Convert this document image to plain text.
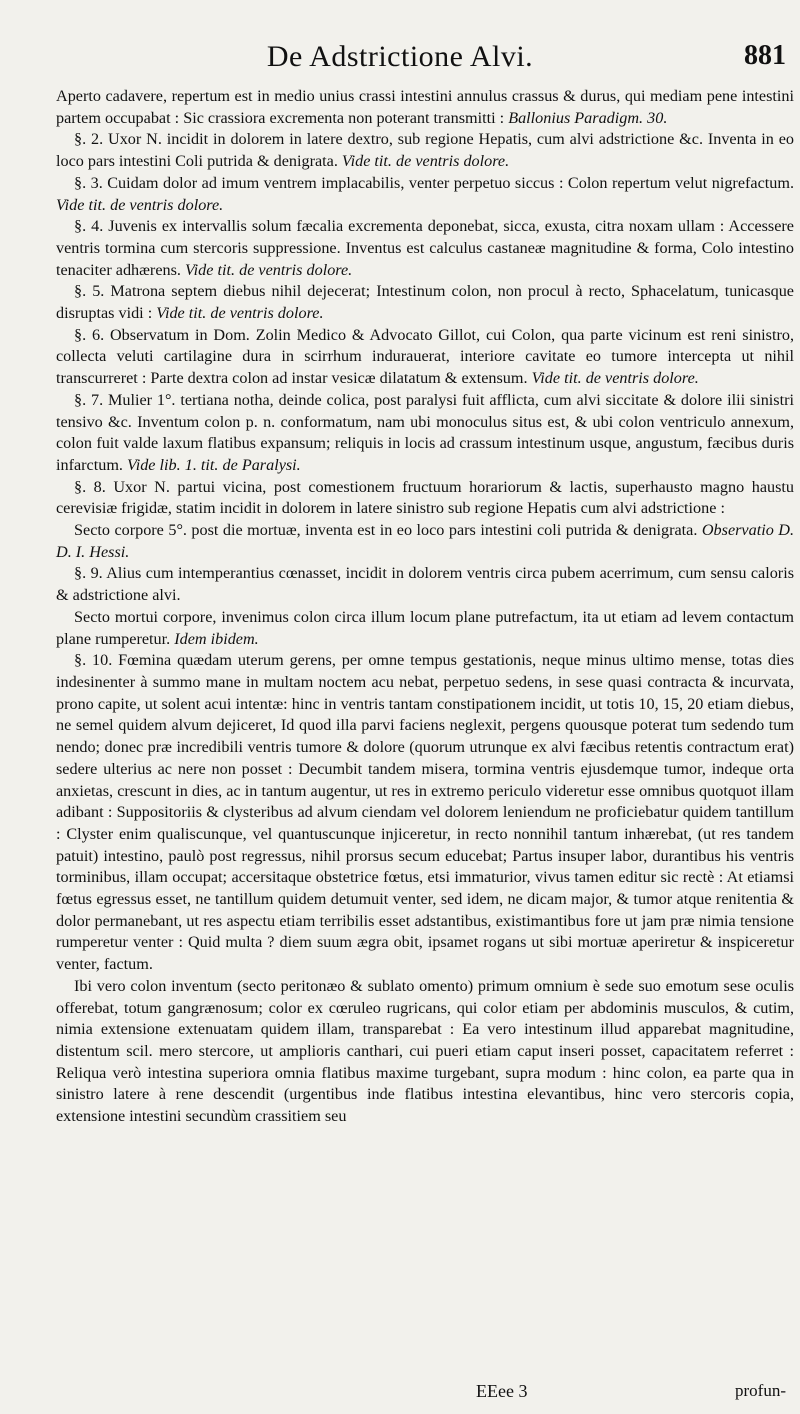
De Adstrictione Alvi.	881

Aperto cadavere, repertum est in medio unius crassi intestini annulus crassus & durus, qui mediam pene intestini partem occupabat : Sic crassiora excrementa non poterant transmitti : Ballonius Paradigm. 30.

§. 2. Uxor N. incidit in dolorem in latere dextro, sub regione Hepatis, cum alvi adstrictione &c. Inventa in eo loco pars intestini Coli putrida & denigrata. Vide tit. de ventris dolore.

§. 3. Cuidam dolor ad imum ventrem implacabilis, venter perpetuo siccus : Colon repertum velut nigrefactum. Vide tit. de ventris dolore.

§. 4. Juvenis ex intervallis solum fæcalia excrementa deponebat, sicca, exusta, citra noxam ullam : Accessere ventris tormina cum stercoris suppressione. Inventus est calculus castaneæ magnitudine & forma, Colo intestino tenaciter adhærens. Vide tit. de ventris dolore.

§. 5. Matrona septem diebus nihil dejecerat; Intestinum colon, non procul à recto, Sphacelatum, tunicasque disruptas vidi : Vide tit. de ventris dolore.

§. 6. Observatum in Dom. Zolin Medico & Advocato Gillot, cui Colon, qua parte vicinum est reni sinistro, collecta veluti cartilagine dura in scirrhum indurauerat, interiore cavitate eo tumore intercepta ut nihil transcurreret : Parte dextra colon ad instar vesicæ dilatatum & extensum. Vide tit. de ventris dolore.

§. 7. Mulier 1°. tertiana notha, deinde colica, post paralysi fuit afflicta, cum alvi siccitate & dolore ilii sinistri tensivo &c. Inventum colon p. n. conformatum, nam ubi monoculus situs est, & ubi colon ventriculo annexum, colon fuit valde laxum flatibus expansum; reliquis in locis ad crassum intestinum usque, angustum, fæcibus duris infarctum. Vide lib. 1. tit. de Paralysi.

§. 8. Uxor N. partui vicina, post comestionem fructuum horariorum & lactis, superhausto magno haustu cerevisiæ frigidæ, statim incidit in dolorem in latere sinistro sub regione Hepatis cum alvi adstrictione :

Secto corpore 5°. post die mortuæ, inventa est in eo loco pars intestini coli putrida & denigrata. Observatio D. D. I. Hessi.

§. 9. Alius cum intemperantius cœnasset, incidit in dolorem ventris circa pubem acerrimum, cum sensu caloris & adstrictione alvi.

Secto mortui corpore, invenimus colon circa illum locum plane putrefactum, ita ut etiam ad levem contactum plane rumperetur. Idem ibidem.

§. 10. Fœmina quædam uterum gerens, per omne tempus gestationis, neque minus ultimo mense, totas dies indesinenter à summo mane in multam noctem acu nebat, perpetuo sedens, in sese quasi contracta & incurvata, prono capite, ut solent acui intentæ: hinc in ventris tantam constipationem incidit, ut totis 10, 15, 20 etiam diebus, ne semel quidem alvum dejiceret, Id quod illa parvi faciens neglexit, pergens quousque poterat tum sedendo tum nendo; donec præ incredibili ventris tumore & dolore (quorum utrunque ex alvi fæcibus retentis contractum erat) sedere ulterius ac nere non posset : Decumbit tandem misera, tormina ventris ejusdemque tumor, indeque orta anxietas, crescunt in dies, ac in tantum augentur, ut res in extremo periculo videretur esse omnibus quotquot illam adibant : Suppositoriis & clysteribus ad alvum ciendam vel dolorem leniendum ne proficiebatur quidem tantillum : Clyster enim qualiscunque, vel quantuscunque injiceretur, in recto nonnihil tantum inhærebat, (ut res tandem patuit) intestino, paulò post regressus, nihil prorsus secum educebat; Partus insuper labor, durantibus his ventris torminibus, illam occupat; accersitaque obstetrice fœtus, etsi immaturior, vivus tamen editur sic rectè : At etiamsi fœtus egressus esset, ne tantillum quidem detumuit venter, sed idem, ne dicam major, & tumor atque renitentia & dolor permanebant, ut res aspectu etiam terribilis esset adstantibus, existimantibus fore ut jam præ nimia tensione rumperetur venter : Quid multa ? diem suum ægra obit, ipsamet rogans ut sibi mortuæ aperiretur & inspiceretur venter, factum.

Ibi vero colon inventum (secto peritonæo & sublato omento) primum omnium è sede suo emotum sese oculis offerebat, totum gangrænosum; color ex cœruleo rugricans, qui color etiam per abdominis musculos, & cutim, nimia extensione extenuatam quidem illam, transparebat : Ea vero intestinum illud apparebat magnitudine, distentum scil. mero stercore, ut amplioris canthari, cui pueri etiam caput inseri posset, capacitatem referret : Reliqua verò intestina superiora omnia flatibus maxime turgebant, supra modum : hinc colon, ea parte qua in sinistro latere à rene descendit (urgentibus inde flatibus intestina elevantibus, hinc vero stercoris copia, extensione intestini secundùm crassitiem seu

EEee 3	profun-
